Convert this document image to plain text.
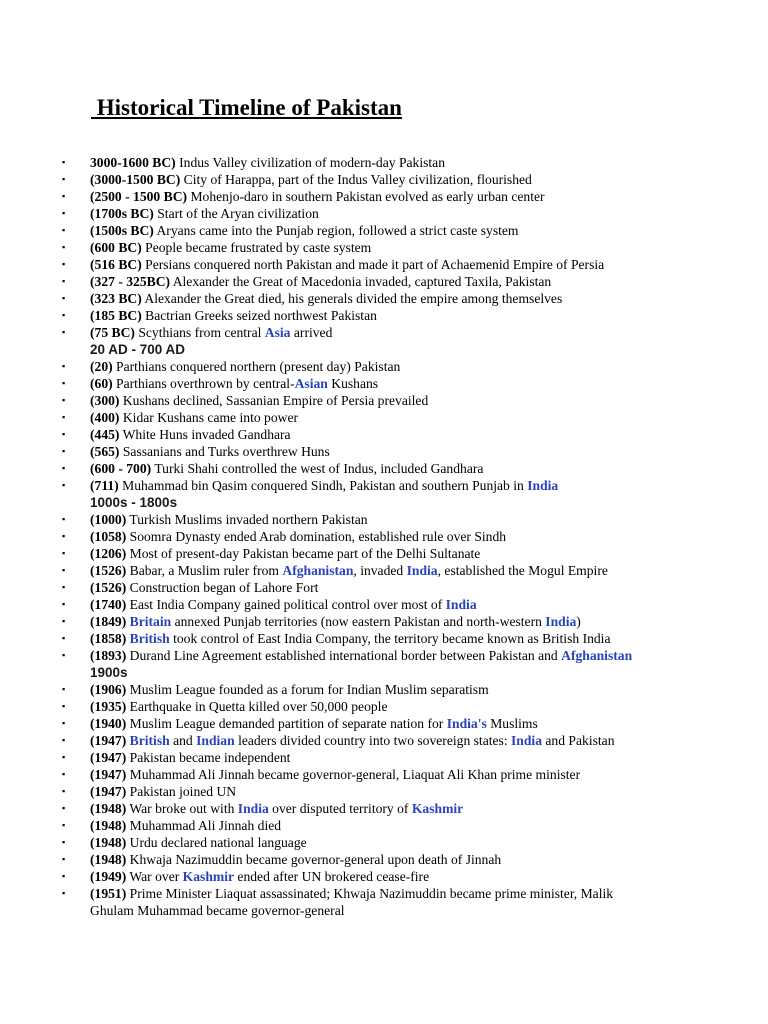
Historical Timeline of Pakistan
▪ 3000-1600 BC) Indus Valley civilization of modern-day Pakistan
▪ (3000-1500 BC) City of Harappa, part of the Indus Valley civilization, flourished
▪ (2500 - 1500 BC) Mohenjo-daro in southern Pakistan evolved as early urban center
▪ (1700s BC) Start of the Aryan civilization
▪ (1500s BC) Aryans came into the Punjab region, followed a strict caste system
▪ (600 BC) People became frustrated by caste system
▪ (516 BC) Persians conquered north Pakistan and made it part of Achaemenid Empire of Persia
▪ (327 - 325BC) Alexander the Great of Macedonia invaded, captured Taxila, Pakistan
▪ (323 BC) Alexander the Great died, his generals divided the empire among themselves
▪ (185 BC) Bactrian Greeks seized northwest Pakistan
▪ (75 BC) Scythians from central Asia arrived
20 AD - 700 AD
▪ (20) Parthians conquered northern (present day) Pakistan
▪ (60) Parthians overthrown by central-Asian Kushans
▪ (300) Kushans declined, Sassanian Empire of Persia prevailed
▪ (400) Kidar Kushans came into power
▪ (445) White Huns invaded Gandhara
▪ (565) Sassanians and Turks overthrew Huns
▪ (600 - 700) Turki Shahi controlled the west of Indus, included Gandhara
▪ (711) Muhammad bin Qasim conquered Sindh, Pakistan and southern Punjab in India
1000s - 1800s
▪ (1000) Turkish Muslims invaded northern Pakistan
▪ (1058) Soomra Dynasty ended Arab domination, established rule over Sindh
▪ (1206) Most of present-day Pakistan became part of the Delhi Sultanate
▪ (1526) Babar, a Muslim ruler from Afghanistan, invaded India, established the Mogul Empire
▪ (1526) Construction began of Lahore Fort
▪ (1740) East India Company gained political control over most of India
▪ (1849) Britain annexed Punjab territories (now eastern Pakistan and north-western India)
▪ (1858) British took control of East India Company, the territory became known as British India
▪ (1893) Durand Line Agreement established international border between Pakistan and Afghanistan
1900s
▪ (1906) Muslim League founded as a forum for Indian Muslim separatism
▪ (1935) Earthquake in Quetta killed over 50,000 people
▪ (1940) Muslim League demanded partition of separate nation for India's Muslims
▪ (1947) British and Indian leaders divided country into two sovereign states: India and Pakistan
▪ (1947) Pakistan became independent
▪ (1947) Muhammad Ali Jinnah became governor-general, Liaquat Ali Khan prime minister
▪ (1947) Pakistan joined UN
▪ (1948) War broke out with India over disputed territory of Kashmir
▪ (1948) Muhammad Ali Jinnah died
▪ (1948) Urdu declared national language
▪ (1948) Khwaja Nazimuddin became governor-general upon death of Jinnah
▪ (1949) War over Kashmir ended after UN brokered cease-fire
▪ (1951) Prime Minister Liaquat assassinated; Khwaja Nazimuddin became prime minister, Malik Ghulam Muhammad became governor-general
